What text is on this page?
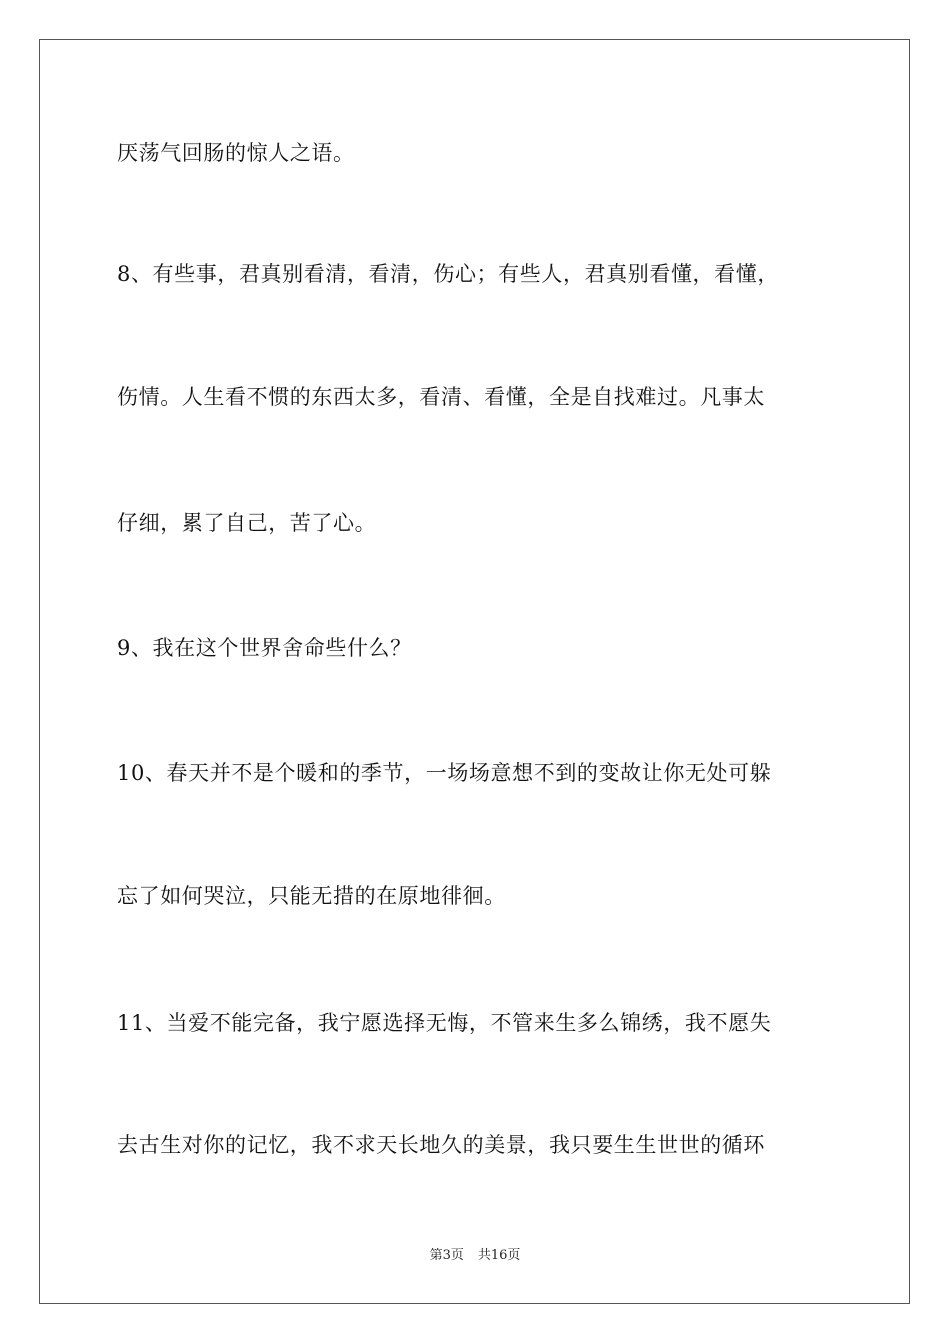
厌荡气回肠的惊人之语。
8、有些事，君真别看清，看清，伤心；有些人，君真别看懂，看懂，
伤情。人生看不惯的东西太多，看清、看懂，全是自找难过。凡事太
仔细，累了自己，苦了心。
9、我在这个世界舍命些什么？
10、春天并不是个暖和的季节，一场场意想不到的变故让你无处可躲
忘了如何哭泣，只能无措的在原地徘徊。
11、当爱不能完备，我宁愿选择无悔，不管来生多么锦绣，我不愿失
去古生对你的记忆，我不求天长地久的美景，我只要生生世世的循环
第3页 共16页
